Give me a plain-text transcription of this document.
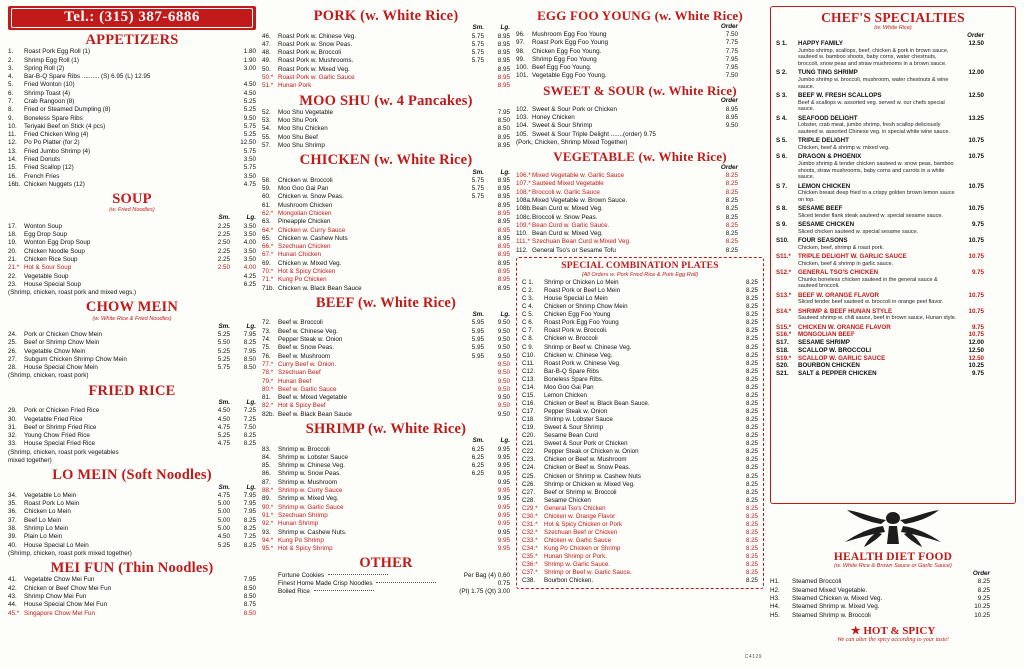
Tel.: (315) 387-6886
APPETIZERS
1.	Roast Pork Egg Roll (1)	1.80
2.	Shrimp Egg Roll (1)	1.90
3.	Spring Roll (2)	3.00
4.	Bar-B-Q Spare Ribs .......... (S) 6.95 (L) 12.95	
5.	Fried Wonton (10)	4.50
6.	Shrimp Toast (4)	4.50
7.	Crab Rangoon (8)	5.25
8.	Fried or Steamed Dumpling (8)	5.25
9.	Boneless Spare Ribs	9.50
10.	Teriyaki Beef on Stick (4 pcs)	5.75
11.	Fried Chicken Wing (4)	5.25
12.	Po Po Platter (for 2)	12.50
13.	Fried Jumbo Shrimp (4)	5.75
14.	Fried Donuts	3.50
15.	Fried Scallop (12)	5.75
16.	French Fries	3.50
16b.	Chicken Nuggets (12)	4.75
SOUP
(w. Fried Noodles)
		Sm.	Lg.
17.	Wonton Soup	2.25	3.50
18.	Egg Drop Soup	2.25	3.50
19.	Wonton Egg Drop Soup	2.50	4.00
20.	Chicken Noodle Soup	2.25	3.50
21.	Chicken Rice Soup	2.25	3.50
21.*	Hot & Sour Soup	2.50	4.00
22.	Vegetable Soup		4.25
23.	House Special Soup		6.25
(Shrimp, chicken, roast pork and mixed vegs.)			
CHOW MEIN
(w. White Rice & Fried Noodles)
		Sm.	Lg.
24.	Pork or Chicken Chow Mein	5.25	7.95
25.	Beef or Shrimp Chow Mein	5.50	8.25
26.	Vegetable Chow Mein	5.25	7.95
27.	Subgum Chicken Shrimp Chow Mein	5.25	8.50
28.	House Special Chow Mein	5.75	8.50
(Shrimp, chicken, roast pork)			
FRIED RICE
		Sm.	Lg.
29.	Pork or Chicken Fried Rice	4.50	7.25
30.	Vegetable Fried Rice	4.50	7.25
31.	Beef or Shrimp Fried Rice	4.75	7.50
32.	Young Chow Fried Rice	5.25	8.25
33.	House Special Fried Rice	4.75	8.25
(Shrimp, chicken, roast pork vegetables			
mixed together)			
LO MEIN (Soft Noodles)
		Sm.	Lg.
34.	Vegetable Lo Mein	4.75	7.95
35.	Roast Pork Lo Mein	5.00	7.95
36.	Chicken Lo Mein	5.00	7.95
37.	Beef Lo Mein	5.00	8.25
38.	Shrimp Lo Mein	5.00	8.25
39.	Plain Lo Mein	4.50	7.25
40.	House Special Lo Mein	5.25	8.25
(Shrimp, chicken, roast pork mixed together)			
MEI FUN (Thin Noodles)
41.	Vegetable Chow Mei Fun	7.95
42.	Chicken or Beef Chow Mei Fun	8.50
43.	Shrimp Chow Mei Fun	8.50
44.	House Special Chow Mei Fun	8.75
45.*	Singapore Chow Mei Fun	8.50
PORK (w. White Rice)
		Sm.	Lg.
46.	Roast Pork w. Chinese Veg.	5.75	8.95
47.	Roast Pork w. Snow Peas.	5.75	8.95
48.	Roast Pork w. Broccoli	5.75	8.95
49.	Roast Pork w. Mushrooms.	5.75	8.95
50.	Roast Pork w. Mixed Veg.		8.95
50.*	Roast Pork w. Garlic Sauce		8.95
51.*	Hunan Pork		8.95
MOO SHU (w. 4 Pancakes)
52.	Moo Shu Vegetable	7.95
53.	Moo Shu Pork	8.50
54.	Moo Shu Chicken	8.50
55.	Moo Shu Beef	8.95
57.	Moo Shu Shrimp	8.95
CHICKEN (w. White Rice)
		Sm.	Lg.
58.	Chicken w. Broccoli	5.75	8.95
59.	Moo Goo Gai Pan	5.75	8.95
60.	Chicken w. Snow Peas.	5.75	8.95
61.	Mushroom Chicken		8.95
62.*	Mongolian Chicken		8.95
63.	Pineapple Chicken		8.95
64.*	Chicken w. Curry Sauce		8.95
65.	Chicken w. Cashew Nuts		8.95
66.*	Szechuan Chicken		8.95
67.*	Hunan Chicken		8.95
69.	Chicken w. Mixed Veg.		8.95
70.*	Hot & Spicy Chicken		8.95
71.*	Kung Po Chicken		8.95
71b.	Chicken w. Black Bean Sauce		8.95
BEEF (w. White Rice)
		Sm.	Lg.
72.	Beef w. Broccoli	5.95	9.50
73.	Beef w. Chinese Veg.	5.95	9.50
74.	Pepper Steak w. Onion	5.95	9.50
75.	Beef w. Snow Peas.	5.95	9.50
76.	Beef w. Mushroom	5.95	9.50
77.*	Curry Beef w. Onion.		9.50
78.*	Szechuan Beef		9.50
79.*	Hunan Beef		9.50
80.*	Beef w. Garlic Sauce		9.50
81.	Beef w. Mixed Vegetable		9.50
82.*	Hot & Spicy Beef		9.50
82b.	Beef w. Black Bean Sauce		9.50
SHRIMP (w. White Rice)
		Sm.	Lg.
83.	Shrimp w. Broccoli	6.25	9.95
84.	Shrimp w. Lobster Sauce	6.25	9.95
85.	Shrimp w. Chinese Veg.	6.25	9.95
86.	Shrimp w. Snow Peas.	6.25	9.95
87.	Shrimp w. Mushroom		9.95
88.*	Shrimp w. Curry Sauce		9.95
89.	Shrimp w. Mixed Veg.		9.95
90.*	Shrimp w. Garlic Sauce		9.95
91.*	Szechuan Shrimp		9.95
92.*	Hunan Shrimp		9.95
93.	Shrimp w. Cashew Nuts.		9.95
94.*	Kung Po Shrimp		9.95
95.*	Hot & Spicy Shrimp		9.95
OTHER
	Fortune Cookies	Per Bag (4) 0.60
	Finest Home Made Crisp Noodles	0.75
	Boiled Rice	(Pt) 1.75 (Qt) 3.00
EGG FOO YOUNG (w. White Rice)
		Order	
96.	Mushroom Egg Foo Young	7.50	
97.	Roast Pork Egg Foo Young	7.75	
98.	Chicken Egg Foo Young.	7.75	
99.	Shrimp Egg Foo Young	7.95	
100.	Beef Egg Foo Young.	7.95	
101.	Vegetable Egg Foo Young.	7.50	
SWEET & SOUR (w. White Rice)
		Order	
102.	Sweet & Sour Pork or Chicken	8.95	
103.	Honey Chicken	8.95	
104.	Sweet & Sour Shrimp	9.50	
105.	Sweet & Sour Triple Delight .......(order) 9.75		
(Pork, Chicken, Shrimp Mixed Together)			
VEGETABLE (w. White Rice)
		Order	
106.*	Mixed Vegetable w. Garlic Sauce	8.25	
107.*	Sauteed Mixed Vegetable	8.25	
108.*	Broccoli w. Garlic Sauce	8.25	
108a.	Mixed Vegetable w. Brown Sauce.	8.25	
108b.	Bean Curd w. Mixed Veg.	8.25	
108c.	Broccoli w. Snow Peas.	8.25	
109.*	Bean Curd w. Garlic Sauce.	8.25	
110.	Bean Curd w. Mixed Veg.	8.25	
111.*	Szechuan Bean Curd w.Mixed Veg.	8.25	
112.	General Tso's or Sesame Tofu	8.25	
SPECIAL COMBINATION PLATES
(All Orders w. Pork Fried Rice & Pork Egg Roll)
C 1.	Shrimp or Chicken Lo Mein	8.25
C 2.	Roast Pork or Beef Lo Mein	8.25
C 3.	House Special Lo Mein	8.25
C 4.	Chicken or Shrimp Chow Mein	8.25
C 5.	Chicken Egg Foo Young	8.25
C 6.	Roast Pork Egg Foo Young	8.25
C 7.	Roast Pork w. Broccoli.	8.25
C 8.	Chicken w. Broccoli	8.25
C 9.	Shrimp or Beef w. Chinese Veg.	8.25
C10.	Chicken w. Chinese Veg.	8.25
C11.	Roast Pork w. Chinese Veg.	8.25
C12.	Bar-B-Q Spare Ribs	8.25
C13.	Boneless Spare Ribs.	8.25
C14.	Moo Goo Gai Pan	8.25
C15.	Lemon Chicken	8.25
C16.	Chicken or Beef w. Black Bean Sauce.	8.25
C17.	Pepper Steak w. Onion	8.25
C18.	Shrimp w. Lobster Sauce	8.25
C19.	Sweet & Sour Shrimp	8.25
C20.	Sesame Bean Curd	8.25
C21.	Sweet & Sour Pork or Chicken	8.25
C22.	Pepper Steak or Chicken w. Onion	8.25
C23.	Chicken or Beef w. Mushroom	8.25
C24.	Chicken or Beef w. Snow Peas.	8.25
C25.	Chicken or Shrimp w. Cashew Nuts	8.25
C26.	Shrimp or Chicken w. Mixed Veg.	8.25
C27.	Beef or Shrimp w. Broccoli	8.25
C28.	Sesame Chicken	8.25
C29.*	General Tso's Chicken	8.25
C30.*	Chicken w. Orange Flavor	8.25
C31.*	Hot & Spicy Chicken or Pork	8.25
C32.*	Szechuan Beef or Chicken	8.25
C33.*	Chicken w. Garlic Sauce	8.25
C34.*	Kung Po Chicken or Shrimp	8.25
C35.*	Hunan Shrimp or Pork.	8.25
C36.*	Shrimp w. Garlic Sauce.	8.25
C37.*	Shrimp or Beef w. Garlic Sauce.	8.25
C38.	Bourbon Chicken.	8.25
C4129
CHEF'S SPECIALTIES
(w. White Rice)
		Order	
S 1.	HAPPY FAMILY
Jumbo shrimp, scallops, beef, chicken & pork in brown sauce, sauteed w. bamboo shoots, baby corns, water chestnuts, broccoli, snow peas and straw mushrooms in a brown sauce.	12.50	
S 2.	TUNG TING SHRIMP
Jumbo shrimp w. broccoli, mushroom, water chestnuts & wine sauce.	12.00	
S 3.	BEEF W. FRESH SCALLOPS
Beef & scallops w. assorted veg. served w. our chefs special sauce.	12.50	
S 4.	SEAFOOD DELIGHT
Lobster, crab meat, jumbo shrimp, fresh scallop deliciously sauteed w. assorted Chinese veg. in special white wine sauce.	13.25	
S 5.	TRIPLE DELIGHT
Chicken, beef & shrimp w. mixed veg.	10.75	
S 6.	DRAGON & PHOENIX
Jumbo shrimp & tender chicken sauteed w. snow peas, bamboo shoots, straw mushrooms, baby corns and carrots in a white sauce.	10.75	
S 7.	LEMON CHICKEN
Chicken breast deep fried to a crispy golden brown lemon sauce on top.	10.75	
S 8.	SESAME BEEF
Sliced tender flank steak sauteed w. special sesame sauce.	10.75	
S 9.	SESAME CHICKEN
Sliced chicken sauteed w. special sesame sauce.	9.75	
S10.	FOUR SEASONS
Chicken, beef, shrimp & roast pork.	10.75	
S11.*	TRIPLE DELIGHT W. GARLIC SAUCE
Chicken, beef & shrimp in garlic sauce.	10.75	
S12.*	GENERAL TSO'S CHICKEN
Chunks boneless chicken sauteed in the general sauce & sauteed broccoli.	9.75	
S13.*	BEEF W. ORANGE FLAVOR
Sliced tender beef sauteed w. broccoli in orange peel flavor.	10.75	
S14.*	SHRIMP & BEEF HUNAN STYLE
Sauteed shrimp w. chili sauce, beef in brown sauce, Hunan style.	10.75	
S15.*	CHICKEN W. ORANGE FLAVOR	9.75	
S16.*	MONGOLIAN BEEF	10.75	
S17.	SESAME SHRIMP	12.00	
S18.	SCALLOP W. BROCCOLI	12.50	
S19.*	SCALLOP W. GARLIC SAUCE	12.50	
S20.	BOURBON CHICKEN	10.25	
S21.	SALT & PEPPER CHICKEN	9.75	
HEALTH DIET FOOD
(w. White Rice & Brown Sauce or Garlic Sauce)
		Order	
H1.	Steamed Broccoli	8.25	
H2.	Steamed Mixed Vegetable.	8.25	
H3.	Steamed Chicken w. Mixed Veg.	9.25	
H4.	Steamed Shrimp w. Mixed Veg.	10.25	
H5.	Steamed Shrimp w. Broccoli	10.25	
★ HOT & SPICY
We can alter the spicy according to your taste!
